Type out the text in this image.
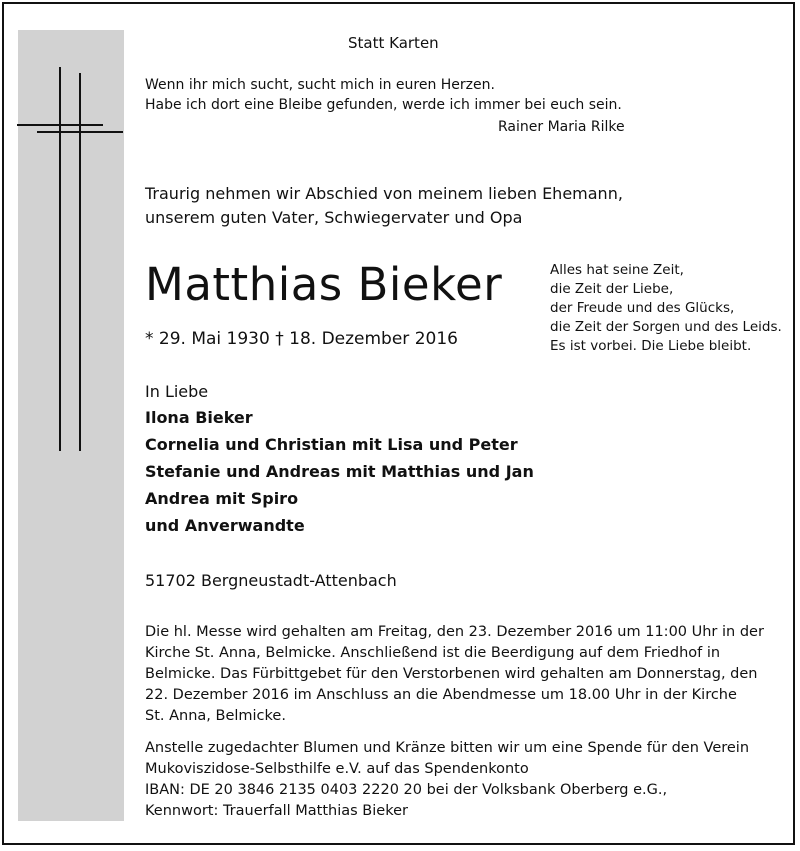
Statt Karten
Wenn ihr mich sucht, sucht mich in euren Herzen.
Habe ich dort eine Bleibe gefunden, werde ich immer bei euch sein.
Rainer Maria Rilke
Traurig nehmen wir Abschied von meinem lieben Ehemann,
unserem guten Vater, Schwiegervater und Opa
Matthias Bieker
* 29. Mai 1930 † 18. Dezember 2016
Alles hat seine Zeit,
die Zeit der Liebe,
der Freude und des Glücks,
die Zeit der Sorgen und des Leids.
Es ist vorbei. Die Liebe bleibt.
In Liebe
Ilona Bieker
Cornelia und Christian mit Lisa und Peter
Stefanie und Andreas mit Matthias und Jan
Andrea mit Spiro
und Anverwandte
51702 Bergneustadt-Attenbach
Die hl. Messe wird gehalten am Freitag, den 23. Dezember 2016 um 11:00 Uhr in der
Kirche St. Anna, Belmicke. Anschließend ist die Beerdigung auf dem Friedhof in
Belmicke. Das Fürbittgebet für den Verstorbenen wird gehalten am Donnerstag, den
22. Dezember 2016 im Anschluss an die Abendmesse um 18.00 Uhr in der Kirche
St. Anna, Belmicke.
Anstelle zugedachter Blumen und Kränze bitten wir um eine Spende für den Verein
Mukoviszidose-Selbsthilfe e.V. auf das Spendenkonto
IBAN: DE 20 3846 2135 0403 2220 20 bei der Volksbank Oberberg e.G.,
Kennwort: Trauerfall Matthias Bieker
